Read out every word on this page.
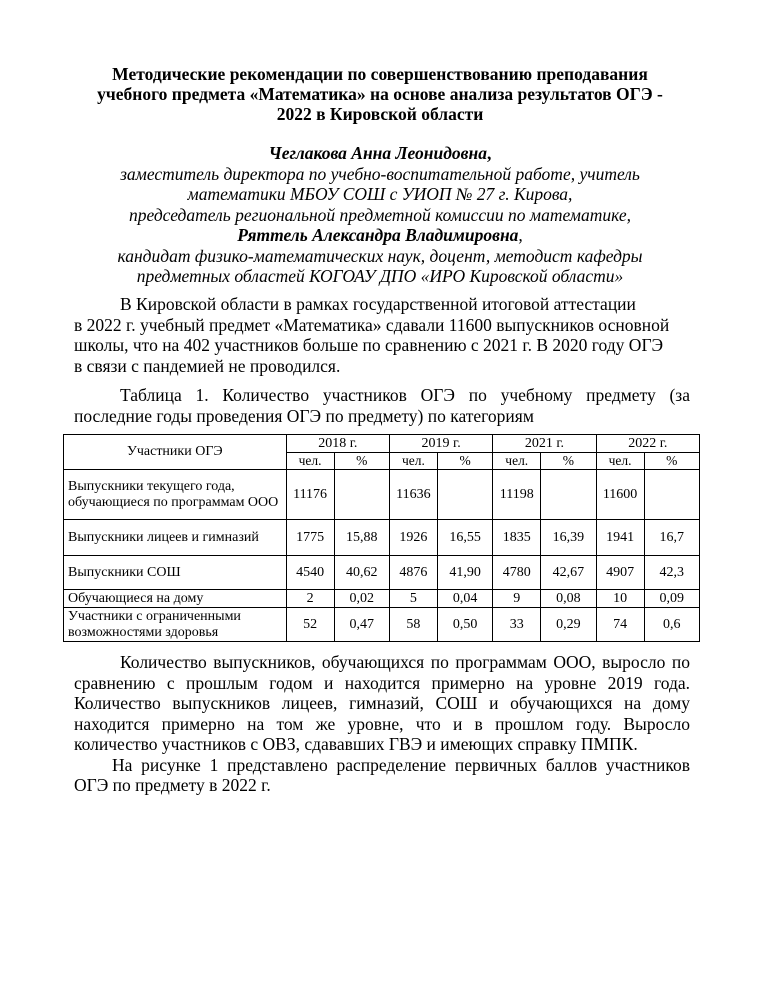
Методические рекомендации по совершенствованию преподавания
учебного предмета «Математика» на основе анализа результатов ОГЭ -
2022 в Кировской области
Чеглакова Анна Леонидовна,
заместитель директора по учебно-воспитательной работе, учитель
математики МБОУ СОШ с УИОП № 27 г. Кирова,
председатель региональной предметной комиссии по математике,
Ряттель Александра Владимировна,
кандидат физико-математических наук, доцент, методист кафедры
предметных областей КОГОАУ ДПО «ИРО Кировской области»
В Кировской области в рамках государственной итоговой аттестации
в 2022 г. учебный предмет «Математика» сдавали 11600 выпускников основной
школы, что на 402 участников больше по сравнению с 2021 г. В 2020 году ОГЭ
в связи с пандемией не проводился.
Таблица 1. Количество участников ОГЭ по учебному предмету (за
последние годы проведения ОГЭ по предмету) по категориям
Участники ОГЭ	2018 г.		2019 г.		2021 г.		2022 г.	
	чел.	%	чел.	%	чел.	%	чел.	%
Выпускники текущего года, обучающиеся по программам ООО	11176		11636		11198		11600	
Выпускники лицеев и гимназий	1775	15,88	1926	16,55	1835	16,39	1941	16,7
Выпускники СОШ	4540	40,62	4876	41,90	4780	42,67	4907	42,3
Обучающиеся на дому	2	0,02	5	0,04	9	0,08	10	0,09
Участники с ограниченными возможностями здоровья	52	0,47	58	0,50	33	0,29	74	0,6
Количество выпускников, обучающихся по программам ООО, выросло по
сравнению с прошлым годом и находится примерно на уровне 2019 года.
Количество выпускников лицеев, гимназий, СОШ и обучающихся на дому
находится примерно на том же уровне, что и в прошлом году. Выросло
количество участников с ОВЗ, сдававших ГВЭ и имеющих справку ПМПК.
На рисунке 1 представлено распределение первичных баллов участников
ОГЭ по предмету в 2022 г.
